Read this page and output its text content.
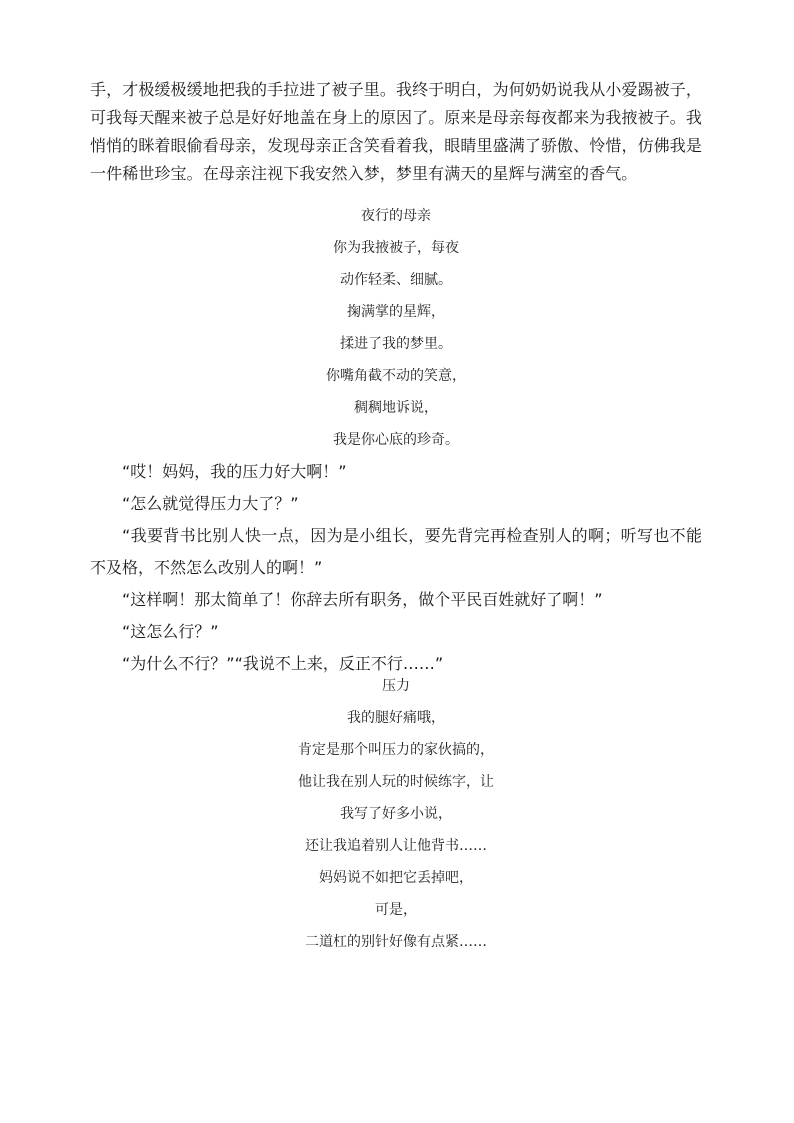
手，才极缓极缓地把我的手拉进了被子里。我终于明白，为何奶奶说我从小爱踢被子，可我每天醒来被子总是好好地盖在身上的原因了。原来是母亲每夜都来为我掖被子。我悄悄的眯着眼偷看母亲，发现母亲正含笑看着我，眼睛里盛满了骄傲、怜惜，仿佛我是一件稀世珍宝。在母亲注视下我安然入梦，梦里有满天的星辉与满室的香气。

夜行的母亲
你为我掖被子，每夜
动作轻柔、细腻。
掬满掌的星辉，
揉进了我的梦里。
你嘴角截不动的笑意，
稠稠地诉说，
我是你心底的珍奇。

“哎！妈妈，我的压力好大啊！”

“怎么就觉得压力大了？”

“我要背书比别人快一点，因为是小组长，要先背完再检查别人的啊；听写也不能不及格，不然怎么改别人的啊！”

“这样啊！那太简单了！你辞去所有职务，做个平民百姓就好了啊！”

“这怎么行？”

“为什么不行？”“我说不上来，反正不行……”

压力
我的腿好痛哦，
肯定是那个叫压力的家伙搞的，
他让我在别人玩的时候练字，让
我写了好多小说，
还让我追着别人让他背书……
妈妈说不如把它丢掉吧，
可是，
二道杠的别针好像有点紧……
